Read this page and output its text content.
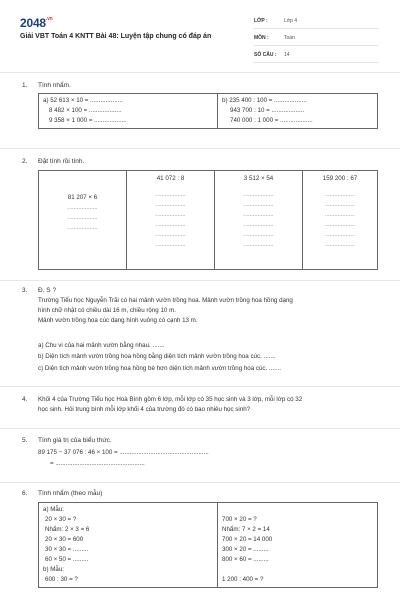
$2048^{.vn}$
Giải VBT Toán 4 KNTT Bài 48: Luyện tập chung có đáp án
LỚP :	Lớp 4
MÔN :	Toán
SỐ CÂU : 14
1. Tính nhẩm.
a) 52 613 × 10 = ...................
8 482 × 100 = ...................
9 358 × 1 000 = ...................

b) 235 400 : 100 = ...................
943 700 : 10 = ...................
740 000 : 1 000 = ...................
2. Đặt tính rồi tính.
81 207 × 6
...................
...................
...................

41 072 : 8
...................
...................
...................
...................
...................
...................

3 512 × 54
...................
...................
...................
...................
...................
...................

159 200 : 67
...................
...................
...................
...................
...................
...................
3. Đ, S ?
Trường Tiểu học Nguyễn Trãi có hai mảnh vườn trồng hoa. Mảnh vườn trồng hoa hồng dạng
hình chữ nhật có chiều dài 16 m, chiều rộng 10 m.
Mảnh vườn trồng hoa cúc dạng hình vuông có cạnh 13 m.
a) Chu vi của hai mảnh vườn bằng nhau. .......
b) Diện tích mảnh vườn trồng hoa hồng bằng diện tích mảnh vườn trồng hoa cúc. .......
c) Diện tích mảnh vườn trồng hoa hồng bé hơn diện tích mảnh vườn trồng hoa cúc. .......
4. Khối 4 của Trường Tiểu học Hoà Bình gồm 6 lớp, mỗi lớp có 35 học sinh và 3 lớp, mỗi lớp có 32
học sinh. Hỏi trung bình mỗi lớp khối 4 của trường đó có bao nhiêu học sinh?
5. Tính giá trị của biểu thức.
89 175 − 37 076 : 46 × 100 = ....................................................
= ....................................................
6. Tính nhẩm (theo mẫu)
a) Mẫu:
20 × 30 = ?
Nhẩm: 2 × 3 = 6
20 × 30 = 600
30 × 30 = .........
60 × 50 = .........
b) Mẫu:
600 : 30 = ?

700 × 20 = ?
Nhẩm: 7 × 2 = 14
700 × 20 = 14 000
300 × 20 = .........
800 × 60 = .........
1 200 : 400 = ?
